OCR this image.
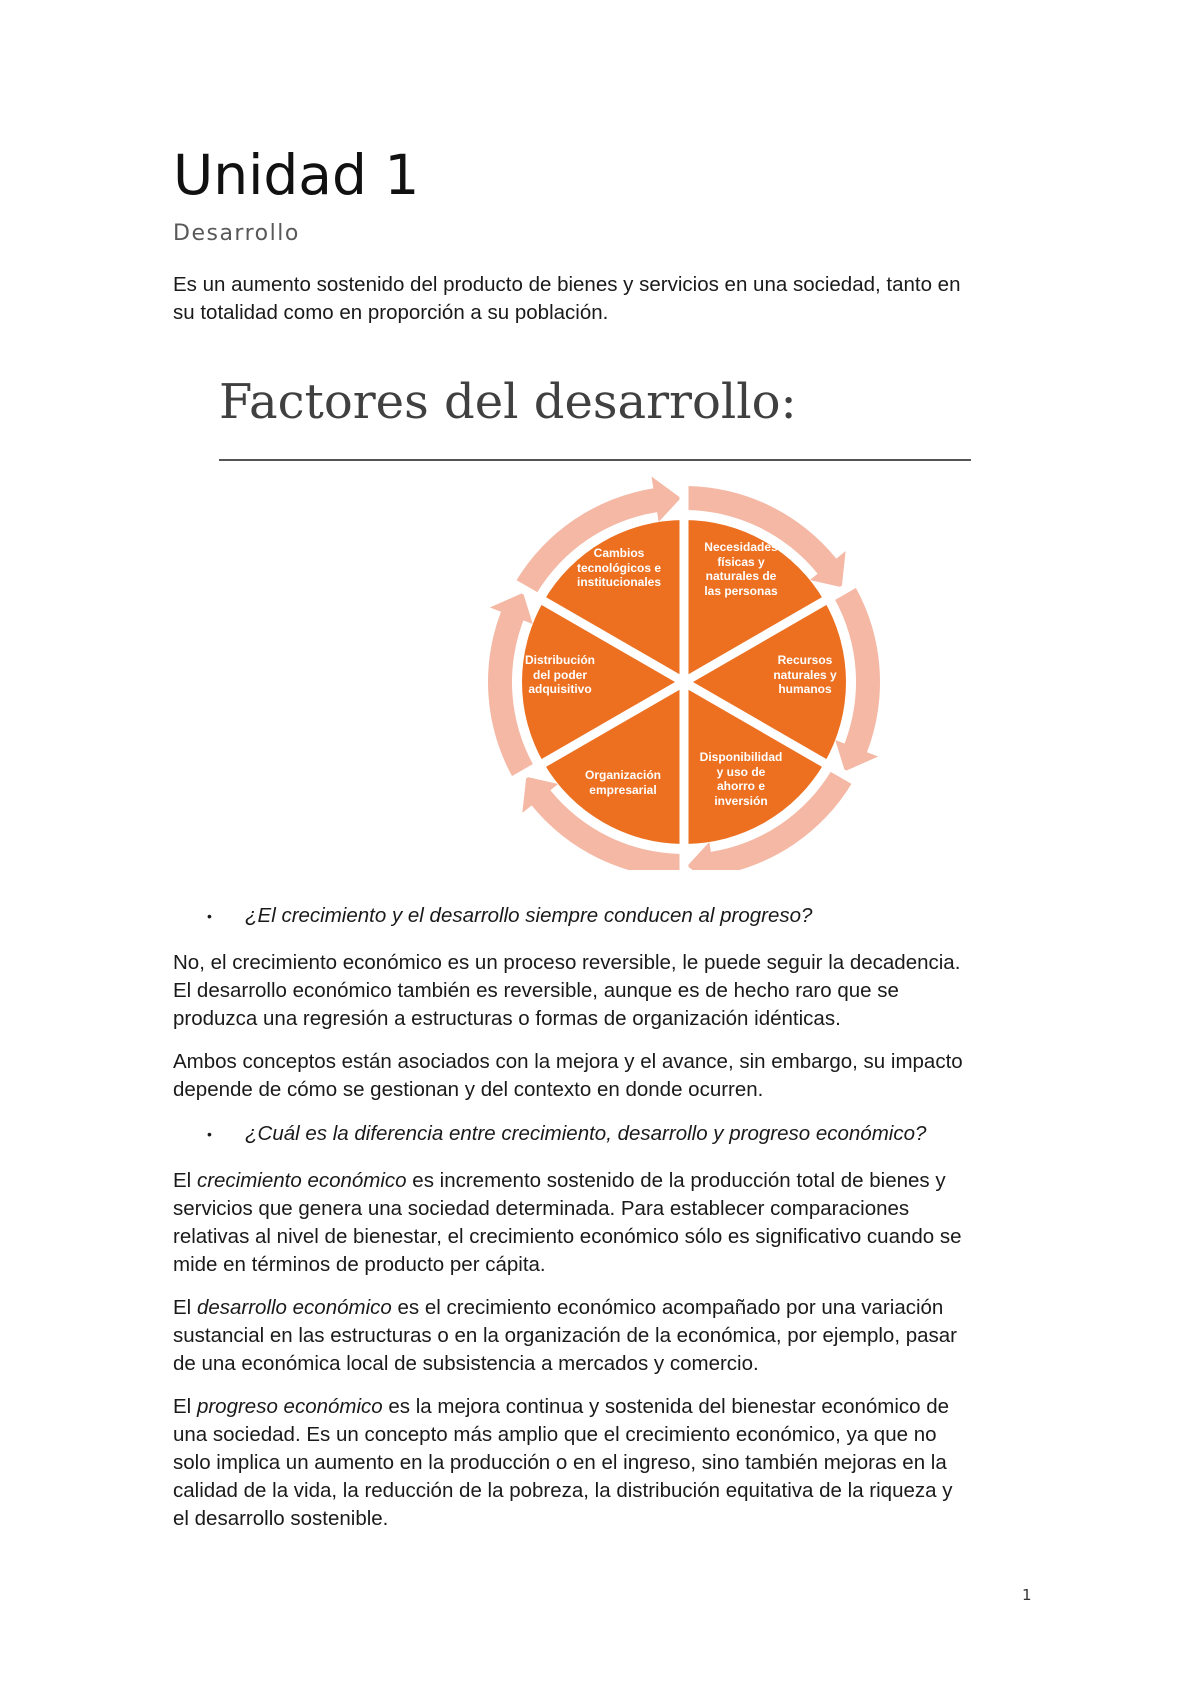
Unidad 1
Desarrollo

Es un aumento sostenido del producto de bienes y servicios en una sociedad, tanto en
su totalidad como en proporción a su población.

Factores del desarrollo:
Necesidades
físicas y
naturales de
las personas
Recursos
naturales y
humanos
Disponibilidad
y uso de
ahorro e
inversión
Organización
empresarial
Distribución
del poder
adquisitivo
Cambios
tecnológicos e
institucionales
• ¿El crecimiento y el desarrollo siempre conducen al progreso?

No, el crecimiento económico es un proceso reversible, le puede seguir la decadencia.
El desarrollo económico también es reversible, aunque es de hecho raro que se
produzca una regresión a estructuras o formas de organización idénticas.

Ambos conceptos están asociados con la mejora y el avance, sin embargo, su impacto
depende de cómo se gestionan y del contexto en donde ocurren.

• ¿Cuál es la diferencia entre crecimiento, desarrollo y progreso económico?

El crecimiento económico es incremento sostenido de la producción total de bienes y
servicios que genera una sociedad determinada. Para establecer comparaciones
relativas al nivel de bienestar, el crecimiento económico sólo es significativo cuando se
mide en términos de producto per cápita.

El desarrollo económico es el crecimiento económico acompañado por una variación
sustancial en las estructuras o en la organización de la económica, por ejemplo, pasar
de una económica local de subsistencia a mercados y comercio.

El progreso económico es la mejora continua y sostenida del bienestar económico de
una sociedad. Es un concepto más amplio que el crecimiento económico, ya que no
solo implica un aumento en la producción o en el ingreso, sino también mejoras en la
calidad de la vida, la reducción de la pobreza, la distribución equitativa de la riqueza y
el desarrollo sostenible.

1
